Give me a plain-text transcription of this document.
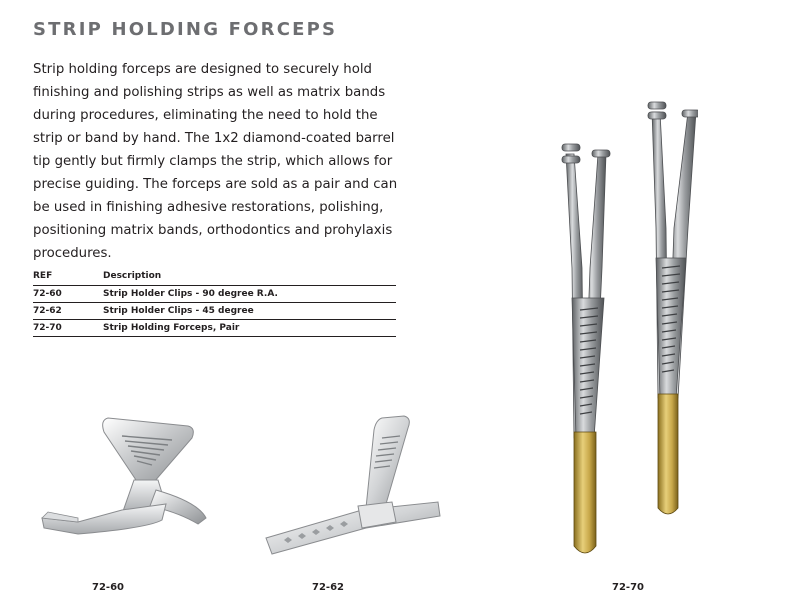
STRIP HOLDING FORCEPS

Strip holding forceps are designed to securely hold finishing and polishing strips as well as matrix bands during procedures, eliminating the need to hold the strip or band by hand. The 1x2 diamond-coated barrel tip gently but firmly clamps the strip, which allows for precise guiding. The forceps are sold as a pair and can be used in finishing adhesive restorations, polishing, positioning matrix bands, orthodontics and prohylaxis procedures.

REF	Description
72-60	Strip Holder Clips - 90 degree R.A.
72-62	Strip Holder Clips - 45 degree
72-70	Strip Holding Forceps, Pair
72-60	72-62	72-70
